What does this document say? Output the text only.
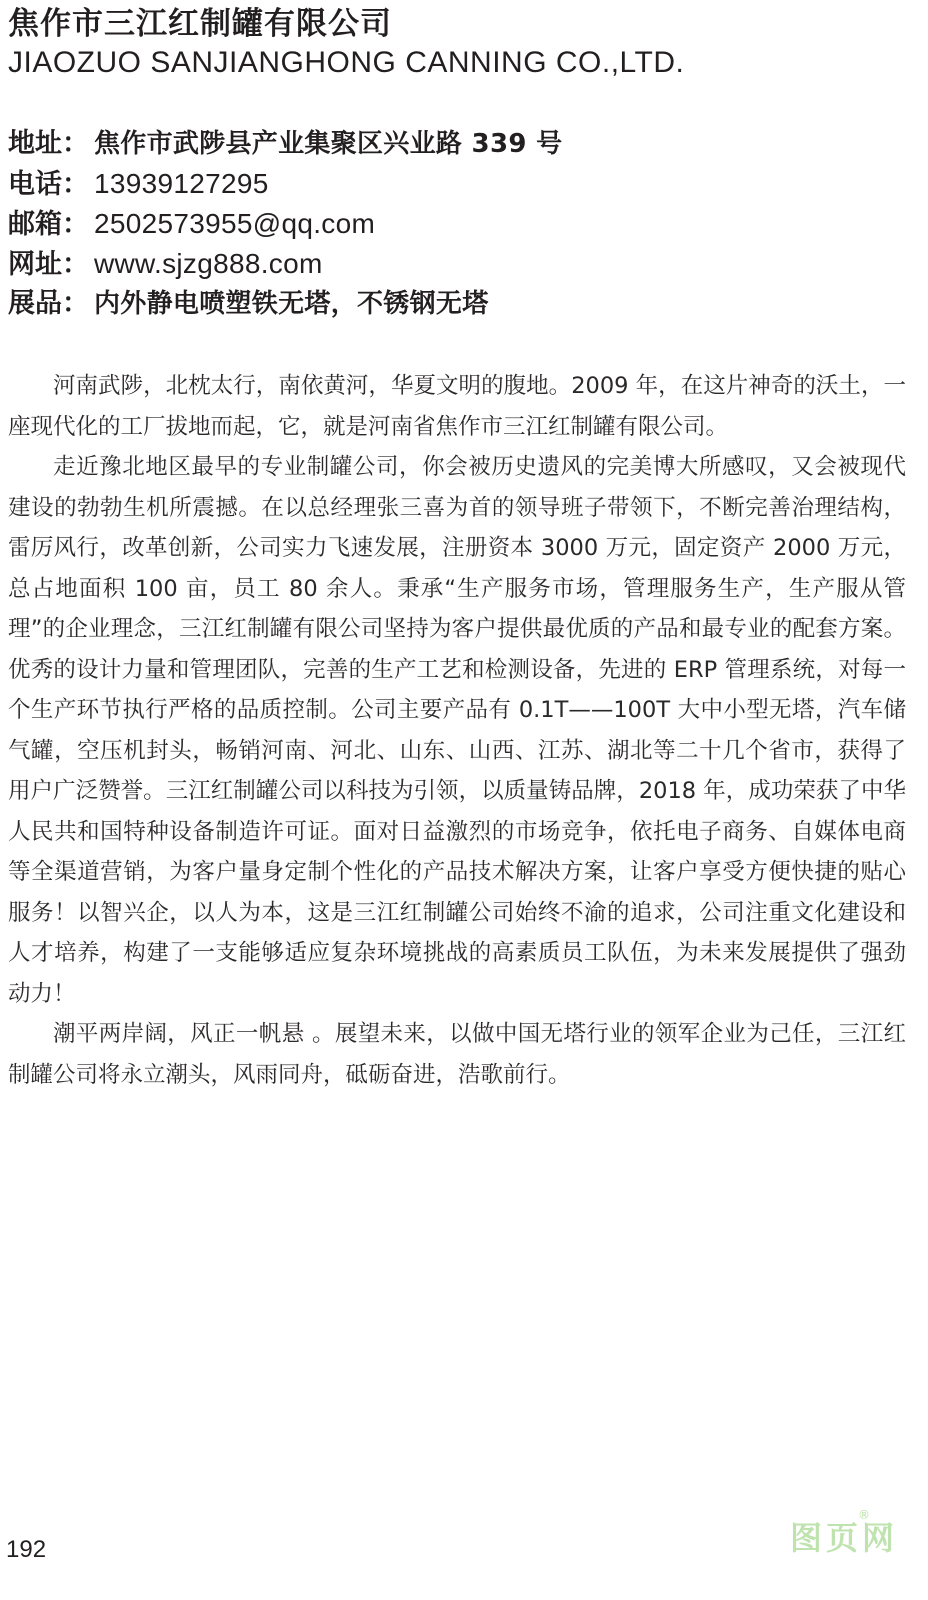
焦作市三江红制罐有限公司
JIAOZUO SANJIANGHONG CANNING CO.,LTD.
地址： 焦作市武陟县产业集聚区兴业路 339 号
电话： 13939127295
邮箱： 2502573955@qq.com
网址： www.sjzg888.com
展品： 内外静电喷塑铁无塔，不锈钢无塔

河南武陟，北枕太行，南依黄河，华夏文明的腹地。2009 年，在这片神奇的沃土，一座现代化的工厂拔地而起，它，就是河南省焦作市三江红制罐有限公司。

走近豫北地区最早的专业制罐公司，你会被历史遗风的完美博大所感叹，又会被现代建设的勃勃生机所震撼。在以总经理张三喜为首的领导班子带领下，不断完善治理结构，雷厉风行，改革创新，公司实力飞速发展，注册资本 3000 万元，固定资产 2000 万元，总占地面积 100 亩，员工 80 余人。秉承“生产服务市场，管理服务生产，生产服从管理”的企业理念，三江红制罐有限公司坚持为客户提供最优质的产品和最专业的配套方案。优秀的设计力量和管理团队，完善的生产工艺和检测设备，先进的 ERP 管理系统，对每一个生产环节执行严格的品质控制。公司主要产品有 0.1T——100T 大中小型无塔，汽车储气罐，空压机封头，畅销河南、河北、山东、山西、江苏、湖北等二十几个省市，获得了用户广泛赞誉。三江红制罐公司以科技为引领，以质量铸品牌，2018 年，成功荣获了中华人民共和国特种设备制造许可证。面对日益激烈的市场竞争，依托电子商务、自媒体电商等全渠道营销，为客户量身定制个性化的产品技术解决方案，让客户享受方便快捷的贴心服务！以智兴企，以人为本，这是三江红制罐公司始终不渝的追求，公司注重文化建设和人才培养，构建了一支能够适应复杂环境挑战的高素质员工队伍，为未来发展提供了强劲动力！

潮平两岸阔，风正一帆悬 。展望未来，以做中国无塔行业的领军企业为己任，三江红制罐公司将永立潮头，风雨同舟，砥砺奋进，浩歌前行。

192	图页网
®
